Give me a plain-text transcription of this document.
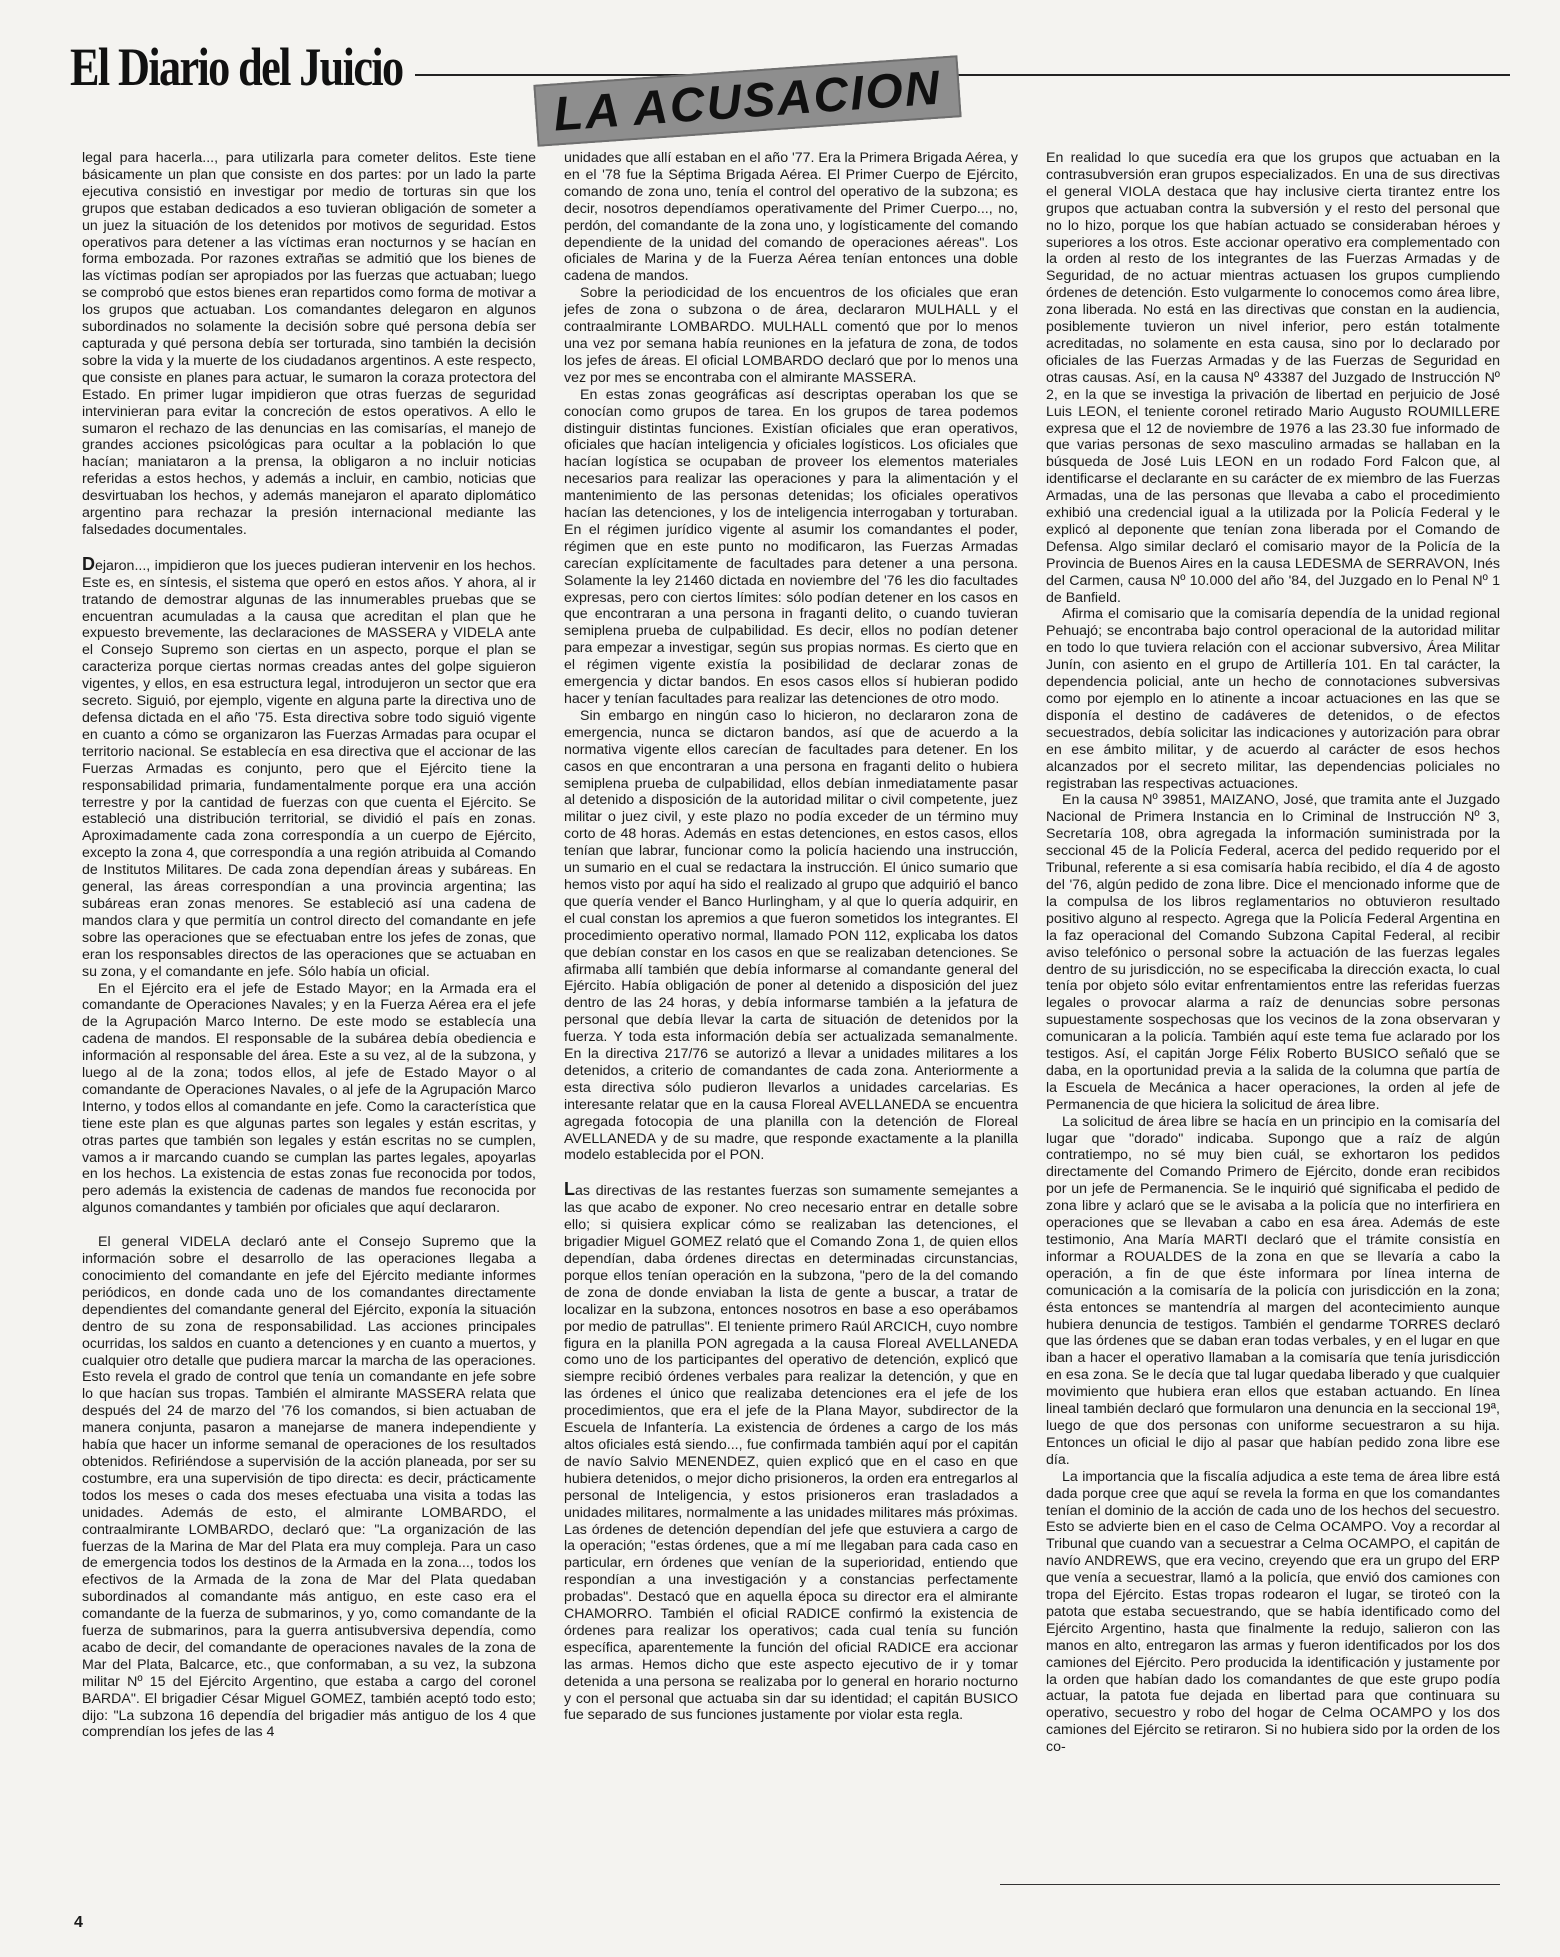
El Diario del Juicio	LA ACUSACION

legal para hacerla..., para utilizarla para cometer delitos. Este tiene básicamente un plan que consiste en dos partes: por un lado la parte ejecutiva consistió en investigar por medio de torturas sin que los grupos que estaban dedicados a eso tuvieran obligación de someter a un juez la situación de los detenidos por motivos de seguridad. Estos operativos para detener a las víctimas eran nocturnos y se hacían en forma embozada. Por razones extrañas se admitió que los bienes de las víctimas podían ser apropiados por las fuerzas que actuaban; luego se comprobó que estos bienes eran repartidos como forma de motivar a los grupos que actuaban. Los comandantes delegaron en algunos subordinados no solamente la decisión sobre qué persona debía ser capturada y qué persona debía ser torturada, sino también la decisión sobre la vida y la muerte de los ciudadanos argentinos. A este respecto, que consiste en planes para actuar, le sumaron la coraza protectora del Estado. En primer lugar impidieron que otras fuerzas de seguridad intervinieran para evitar la concreción de estos operativos. A ello le sumaron el rechazo de las denuncias en las comisarías, el manejo de grandes acciones psicológicas para ocultar a la población lo que hacían; maniataron a la prensa, la obligaron a no incluir noticias referidas a estos hechos, y además a incluir, en cambio, noticias que desvirtuaban los hechos, y además manejaron el aparato diplomático argentino para rechazar la presión internacional mediante las falsedades documentales.

Dejaron..., impidieron que los jueces pudieran intervenir en los hechos. Este es, en síntesis, el sistema que operó en estos años. Y ahora, al ir tratando de demostrar algunas de las innumerables pruebas que se encuentran acumuladas a la causa que acreditan el plan que he expuesto brevemente, las declaraciones de MASSERA y VIDELA ante el Consejo Supremo son ciertas en un aspecto, porque el plan se caracteriza porque ciertas normas creadas antes del golpe siguieron vigentes, y ellos, en esa estructura legal, introdujeron un sector que era secreto. Siguió, por ejemplo, vigente en alguna parte la directiva uno de defensa dictada en el año '75. Esta directiva sobre todo siguió vigente en cuanto a cómo se organizaron las Fuerzas Armadas para ocupar el territorio nacional. Se establecía en esa directiva que el accionar de las Fuerzas Armadas es conjunto, pero que el Ejército tiene la responsabilidad primaria, fundamentalmente porque era una acción terrestre y por la cantidad de fuerzas con que cuenta el Ejército. Se estableció una distribución territorial, se dividió el país en zonas. Aproximadamente cada zona correspondía a un cuerpo de Ejército, excepto la zona 4, que correspondía a una región atribuida al Comando de Institutos Militares. De cada zona dependían áreas y subáreas. En general, las áreas correspondían a una provincia argentina; las subáreas eran zonas menores. Se estableció así una cadena de mandos clara y que permitía un control directo del comandante en jefe sobre las operaciones que se efectuaban entre los jefes de zonas, que eran los responsables directos de las operaciones que se actuaban en su zona, y el comandante en jefe. Sólo había un oficial.

En el Ejército era el jefe de Estado Mayor; en la Armada era el comandante de Operaciones Navales; y en la Fuerza Aérea era el jefe de la Agrupación Marco Interno. De este modo se establecía una cadena de mandos. El responsable de la subárea debía obediencia e información al responsable del área. Este a su vez, al de la subzona, y luego al de la zona; todos ellos, al jefe de Estado Mayor o al comandante de Operaciones Navales, o al jefe de la Agrupación Marco Interno, y todos ellos al comandante en jefe. Como la característica que tiene este plan es que algunas partes son legales y están escritas, y otras partes que también son legales y están escritas no se cumplen, vamos a ir marcando cuando se cumplan las partes legales, apoyarlas en los hechos. La existencia de estas zonas fue reconocida por todos, pero además la existencia de cadenas de mandos fue reconocida por algunos comandantes y también por oficiales que aquí declararon.

El general VIDELA declaró ante el Consejo Supremo que la información sobre el desarrollo de las operaciones llegaba a conocimiento del comandante en jefe del Ejército mediante informes periódicos, en donde cada uno de los comandantes directamente dependientes del comandante general del Ejército, exponía la situación dentro de su zona de responsabilidad. Las acciones principales ocurridas, los saldos en cuanto a detenciones y en cuanto a muertos, y cualquier otro detalle que pudiera marcar la marcha de las operaciones. Esto revela el grado de control que tenía un comandante en jefe sobre lo que hacían sus tropas. También el almirante MASSERA relata que después del 24 de marzo del '76 los comandos, si bien actuaban de manera conjunta, pasaron a manejarse de manera independiente y había que hacer un informe semanal de operaciones de los resultados obtenidos. Refiriéndose a supervisión de la acción planeada, por ser su costumbre, era una supervisión de tipo directa: es decir, prácticamente todos los meses o cada dos meses efectuaba una visita a todas las unidades. Además de esto, el almirante LOMBARDO, el contraalmirante LOMBARDO, declaró que: "La organización de las fuerzas de la Marina de Mar del Plata era muy compleja. Para un caso de emergencia todos los destinos de la Armada en la zona..., todos los efectivos de la Armada de la zona de Mar del Plata quedaban subordinados al comandante más antiguo, en este caso era el comandante de la fuerza de submarinos, y yo, como comandante de la fuerza de submarinos, para la guerra antisubversiva dependía, como acabo de decir, del comandante de operaciones navales de la zona de Mar del Plata, Balcarce, etc., que conformaban, a su vez, la subzona militar Nº 15 del Ejército Argentino, que estaba a cargo del coronel BARDA". El brigadier César Miguel GOMEZ, también aceptó todo esto; dijo: "La subzona 16 dependía del brigadier más antiguo de los 4 que comprendían los jefes de las 4

unidades que allí estaban en el año '77. Era la Primera Brigada Aérea, y en el '78 fue la Séptima Brigada Aérea. El Primer Cuerpo de Ejército, comando de zona uno, tenía el control del operativo de la subzona; es decir, nosotros dependíamos operativamente del Primer Cuerpo..., no, perdón, del comandante de la zona uno, y logísticamente del comando dependiente de la unidad del comando de operaciones aéreas". Los oficiales de Marina y de la Fuerza Aérea tenían entonces una doble cadena de mandos.

Sobre la periodicidad de los encuentros de los oficiales que eran jefes de zona o subzona o de área, declararon MULHALL y el contraalmirante LOMBARDO. MULHALL comentó que por lo menos una vez por semana había reuniones en la jefatura de zona, de todos los jefes de áreas. El oficial LOMBARDO declaró que por lo menos una vez por mes se encontraba con el almirante MASSERA.

En estas zonas geográficas así descriptas operaban los que se conocían como grupos de tarea. En los grupos de tarea podemos distinguir distintas funciones. Existían oficiales que eran operativos, oficiales que hacían inteligencia y oficiales logísticos. Los oficiales que hacían logística se ocupaban de proveer los elementos materiales necesarios para realizar las operaciones y para la alimentación y el mantenimiento de las personas detenidas; los oficiales operativos hacían las detenciones, y los de inteligencia interrogaban y torturaban. En el régimen jurídico vigente al asumir los comandantes el poder, régimen que en este punto no modificaron, las Fuerzas Armadas carecían explícitamente de facultades para detener a una persona. Solamente la ley 21460 dictada en noviembre del '76 les dio facultades expresas, pero con ciertos límites: sólo podían detener en los casos en que encontraran a una persona in fraganti delito, o cuando tuvieran semiplena prueba de culpabilidad. Es decir, ellos no podían detener para empezar a investigar, según sus propias normas. Es cierto que en el régimen vigente existía la posibilidad de declarar zonas de emergencia y dictar bandos. En esos casos ellos sí hubieran podido hacer y tenían facultades para realizar las detenciones de otro modo.

Sin embargo en ningún caso lo hicieron, no declararon zona de emergencia, nunca se dictaron bandos, así que de acuerdo a la normativa vigente ellos carecían de facultades para detener. En los casos en que encontraran a una persona en fraganti delito o hubiera semiplena prueba de culpabilidad, ellos debían inmediatamente pasar al detenido a disposición de la autoridad militar o civil competente, juez militar o juez civil, y este plazo no podía exceder de un término muy corto de 48 horas. Además en estas detenciones, en estos casos, ellos tenían que labrar, funcionar como la policía haciendo una instrucción, un sumario en el cual se redactara la instrucción. El único sumario que hemos visto por aquí ha sido el realizado al grupo que adquirió el banco que quería vender el Banco Hurlingham, y al que lo quería adquirir, en el cual constan los apremios a que fueron sometidos los integrantes. El procedimiento operativo normal, llamado PON 112, explicaba los datos que debían constar en los casos en que se realizaban detenciones. Se afirmaba allí también que debía informarse al comandante general del Ejército. Había obligación de poner al detenido a disposición del juez dentro de las 24 horas, y debía informarse también a la jefatura de personal que debía llevar la carta de situación de detenidos por la fuerza. Y toda esta información debía ser actualizada semanalmente. En la directiva 217/76 se autorizó a llevar a unidades militares a los detenidos, a criterio de comandantes de cada zona. Anteriormente a esta directiva sólo pudieron llevarlos a unidades carcelarias. Es interesante relatar que en la causa Floreal AVELLANEDA se encuentra agregada fotocopia de una planilla con la detención de Floreal AVELLANEDA y de su madre, que responde exactamente a la planilla modelo establecida por el PON.

Las directivas de las restantes fuerzas son sumamente semejantes a las que acabo de exponer. No creo necesario entrar en detalle sobre ello; si quisiera explicar cómo se realizaban las detenciones, el brigadier Miguel GOMEZ relató que el Comando Zona 1, de quien ellos dependían, daba órdenes directas en determinadas circunstancias, porque ellos tenían operación en la subzona, "pero de la del comando de zona de donde enviaban la lista de gente a buscar, a tratar de localizar en la subzona, entonces nosotros en base a eso operábamos por medio de patrullas". El teniente primero Raúl ARCICH, cuyo nombre figura en la planilla PON agregada a la causa Floreal AVELLANEDA como uno de los participantes del operativo de detención, explicó que siempre recibió órdenes verbales para realizar la detención, y que en las órdenes el único que realizaba detenciones era el jefe de los procedimientos, que era el jefe de la Plana Mayor, subdirector de la Escuela de Infantería. La existencia de órdenes a cargo de los más altos oficiales está siendo..., fue confirmada también aquí por el capitán de navío Salvio MENENDEZ, quien explicó que en el caso en que hubiera detenidos, o mejor dicho prisioneros, la orden era entregarlos al personal de Inteligencia, y estos prisioneros eran trasladados a unidades militares, normalmente a las unidades militares más próximas. Las órdenes de detención dependían del jefe que estuviera a cargo de la operación; "estas órdenes, que a mí me llegaban para cada caso en particular, ern órdenes que venían de la superioridad, entiendo que respondían a una investigación y a constancias perfectamente probadas". Destacó que en aquella época su director era el almirante CHAMORRO. También el oficial RADICE confirmó la existencia de órdenes para realizar los operativos; cada cual tenía su función específica, aparentemente la función del oficial RADICE era accionar las armas. Hemos dicho que este aspecto ejecutivo de ir y tomar detenida a una persona se realizaba por lo general en horario nocturno y con el personal que actuaba sin dar su identidad; el capitán BUSICO fue separado de sus funciones justamente por violar esta regla.

En realidad lo que sucedía era que los grupos que actuaban en la contrasubversión eran grupos especializados. En una de sus directivas el general VIOLA destaca que hay inclusive cierta tirantez entre los grupos que actuaban contra la subversión y el resto del personal que no lo hizo, porque los que habían actuado se consideraban héroes y superiores a los otros. Este accionar operativo era complementado con la orden al resto de los integrantes de las Fuerzas Armadas y de Seguridad, de no actuar mientras actuasen los grupos cumpliendo órdenes de detención. Esto vulgarmente lo conocemos como área libre, zona liberada. No está en las directivas que constan en la audiencia, posiblemente tuvieron un nivel inferior, pero están totalmente acreditadas, no solamente en esta causa, sino por lo declarado por oficiales de las Fuerzas Armadas y de las Fuerzas de Seguridad en otras causas. Así, en la causa Nº 43387 del Juzgado de Instrucción Nº 2, en la que se investiga la privación de libertad en perjuicio de José Luis LEON, el teniente coronel retirado Mario Augusto ROUMILLERE expresa que el 12 de noviembre de 1976 a las 23.30 fue informado de que varias personas de sexo masculino armadas se hallaban en la búsqueda de José Luis LEON en un rodado Ford Falcon que, al identificarse el declarante en su carácter de ex miembro de las Fuerzas Armadas, una de las personas que llevaba a cabo el procedimiento exhibió una credencial igual a la utilizada por la Policía Federal y le explicó al deponente que tenían zona liberada por el Comando de Defensa. Algo similar declaró el comisario mayor de la Policía de la Provincia de Buenos Aires en la causa LEDESMA de SERRAVON, Inés del Carmen, causa Nº 10.000 del año '84, del Juzgado en lo Penal Nº 1 de Banfield.

Afirma el comisario que la comisaría dependía de la unidad regional Pehuajó; se encontraba bajo control operacional de la autoridad militar en todo lo que tuviera relación con el accionar subversivo, Área Militar Junín, con asiento en el grupo de Artillería 101. En tal carácter, la dependencia policial, ante un hecho de connotaciones subversivas como por ejemplo en lo atinente a incoar actuaciones en las que se disponía el destino de cadáveres de detenidos, o de efectos secuestrados, debía solicitar las indicaciones y autorización para obrar en ese ámbito militar, y de acuerdo al carácter de esos hechos alcanzados por el secreto militar, las dependencias policiales no registraban las respectivas actuaciones.

En la causa Nº 39851, MAIZANO, José, que tramita ante el Juzgado Nacional de Primera Instancia en lo Criminal de Instrucción Nº 3, Secretaría 108, obra agregada la información suministrada por la seccional 45 de la Policía Federal, acerca del pedido requerido por el Tribunal, referente a si esa comisaría había recibido, el día 4 de agosto del '76, algún pedido de zona libre. Dice el mencionado informe que de la compulsa de los libros reglamentarios no obtuvieron resultado positivo alguno al respecto. Agrega que la Policía Federal Argentina en la faz operacional del Comando Subzona Capital Federal, al recibir aviso telefónico o personal sobre la actuación de las fuerzas legales dentro de su jurisdicción, no se especificaba la dirección exacta, lo cual tenía por objeto sólo evitar enfrentamientos entre las referidas fuerzas legales o provocar alarma a raíz de denuncias sobre personas supuestamente sospechosas que los vecinos de la zona observaran y comunicaran a la policía. También aquí este tema fue aclarado por los testigos. Así, el capitán Jorge Félix Roberto BUSICO señaló que se daba, en la oportunidad previa a la salida de la columna que partía de la Escuela de Mecánica a hacer operaciones, la orden al jefe de Permanencia de que hiciera la solicitud de área libre.

La solicitud de área libre se hacía en un principio en la comisaría del lugar que "dorado" indicaba. Supongo que a raíz de algún contratiempo, no sé muy bien cuál, se exhortaron los pedidos directamente del Comando Primero de Ejército, donde eran recibidos por un jefe de Permanencia. Se le inquirió qué significaba el pedido de zona libre y aclaró que se le avisaba a la policía que no interfiriera en operaciones que se llevaban a cabo en esa área. Además de este testimonio, Ana María MARTI declaró que el trámite consistía en informar a ROUALDES de la zona en que se llevaría a cabo la operación, a fin de que éste informara por línea interna de comunicación a la comisaría de la policía con jurisdicción en la zona; ésta entonces se mantendría al margen del acontecimiento aunque hubiera denuncia de testigos. También el gendarme TORRES declaró que las órdenes que se daban eran todas verbales, y en el lugar en que iban a hacer el operativo llamaban a la comisaría que tenía jurisdicción en esa zona. Se le decía que tal lugar quedaba liberado y que cualquier movimiento que hubiera eran ellos que estaban actuando. En línea lineal también declaró que formularon una denuncia en la seccional 19ª, luego de que dos personas con uniforme secuestraron a su hija. Entonces un oficial le dijo al pasar que habían pedido zona libre ese día.

La importancia que la fiscalía adjudica a este tema de área libre está dada porque cree que aquí se revela la forma en que los comandantes tenían el dominio de la acción de cada uno de los hechos del secuestro. Esto se advierte bien en el caso de Celma OCAMPO. Voy a recordar al Tribunal que cuando van a secuestrar a Celma OCAMPO, el capitán de navío ANDREWS, que era vecino, creyendo que era un grupo del ERP que venía a secuestrar, llamó a la policía, que envió dos camiones con tropa del Ejército. Estas tropas rodearon el lugar, se tiroteó con la patota que estaba secuestrando, que se había identificado como del Ejército Argentino, hasta que finalmente la redujo, salieron con las manos en alto, entregaron las armas y fueron identificados por los dos camiones del Ejército. Pero producida la identificación y justamente por la orden que habían dado los comandantes de que este grupo podía actuar, la patota fue dejada en libertad para que continuara su operativo, secuestro y robo del hogar de Celma OCAMPO y los dos camiones del Ejército se retiraron. Si no hubiera sido por la orden de los co-

4
